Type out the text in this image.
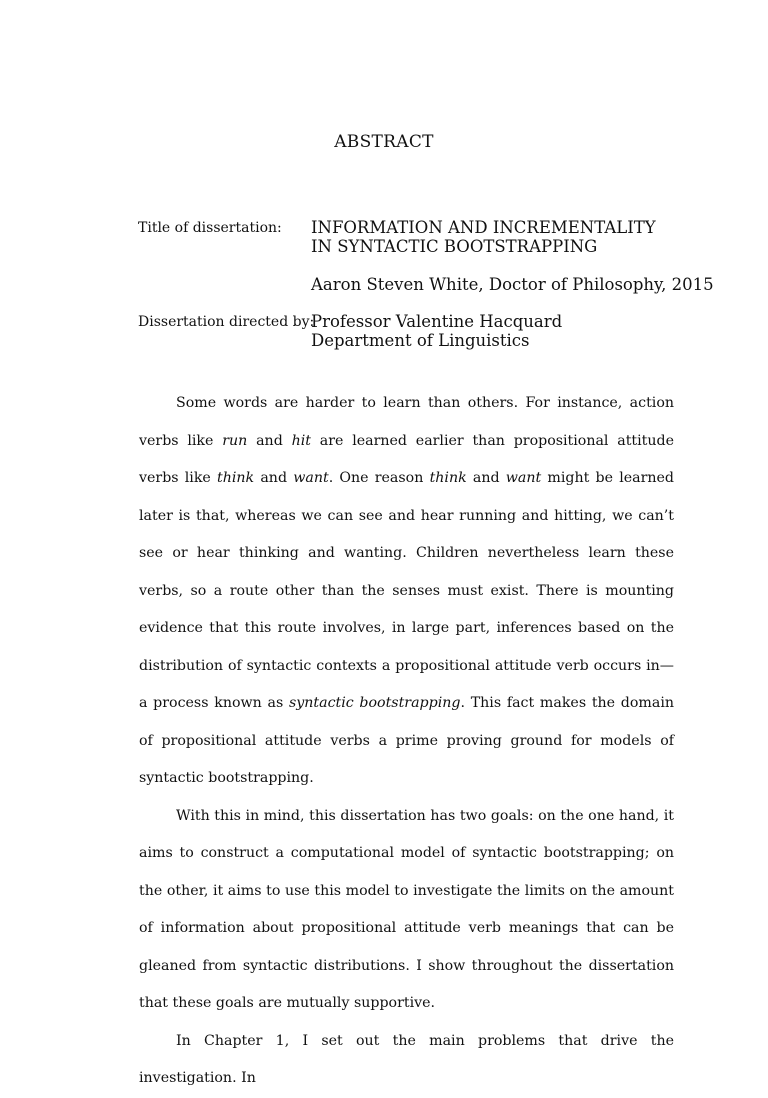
ABSTRACT
Title of dissertation: INFORMATION AND INCREMENTALITY
IN SYNTACTIC BOOTSTRAPPING
Aaron Steven White, Doctor of Philosophy, 2015
Dissertation directed by:
Professor Valentine Hacquard
Department of Linguistics

Some words are harder to learn than others. For instance, action verbs like run and hit are learned earlier than propositional attitude verbs like think and want. One reason think and want might be learned later is that, whereas we can see and hear running and hitting, we can’t see or hear thinking and wanting. Children nevertheless learn these verbs, so a route other than the senses must exist. There is mounting evidence that this route involves, in large part, inferences based on the distribution of syntactic contexts a propositional attitude verb occurs in—a process known as syntactic bootstrapping. This fact makes the domain of propositional attitude verbs a prime proving ground for models of syntactic bootstrapping.

With this in mind, this dissertation has two goals: on the one hand, it aims to construct a computational model of syntactic bootstrapping; on the other, it aims to use this model to investigate the limits on the amount of information about propositional attitude verb meanings that can be gleaned from syntactic distributions. I show throughout the dissertation that these goals are mutually supportive.

In Chapter 1, I set out the main problems that drive the investigation. In
